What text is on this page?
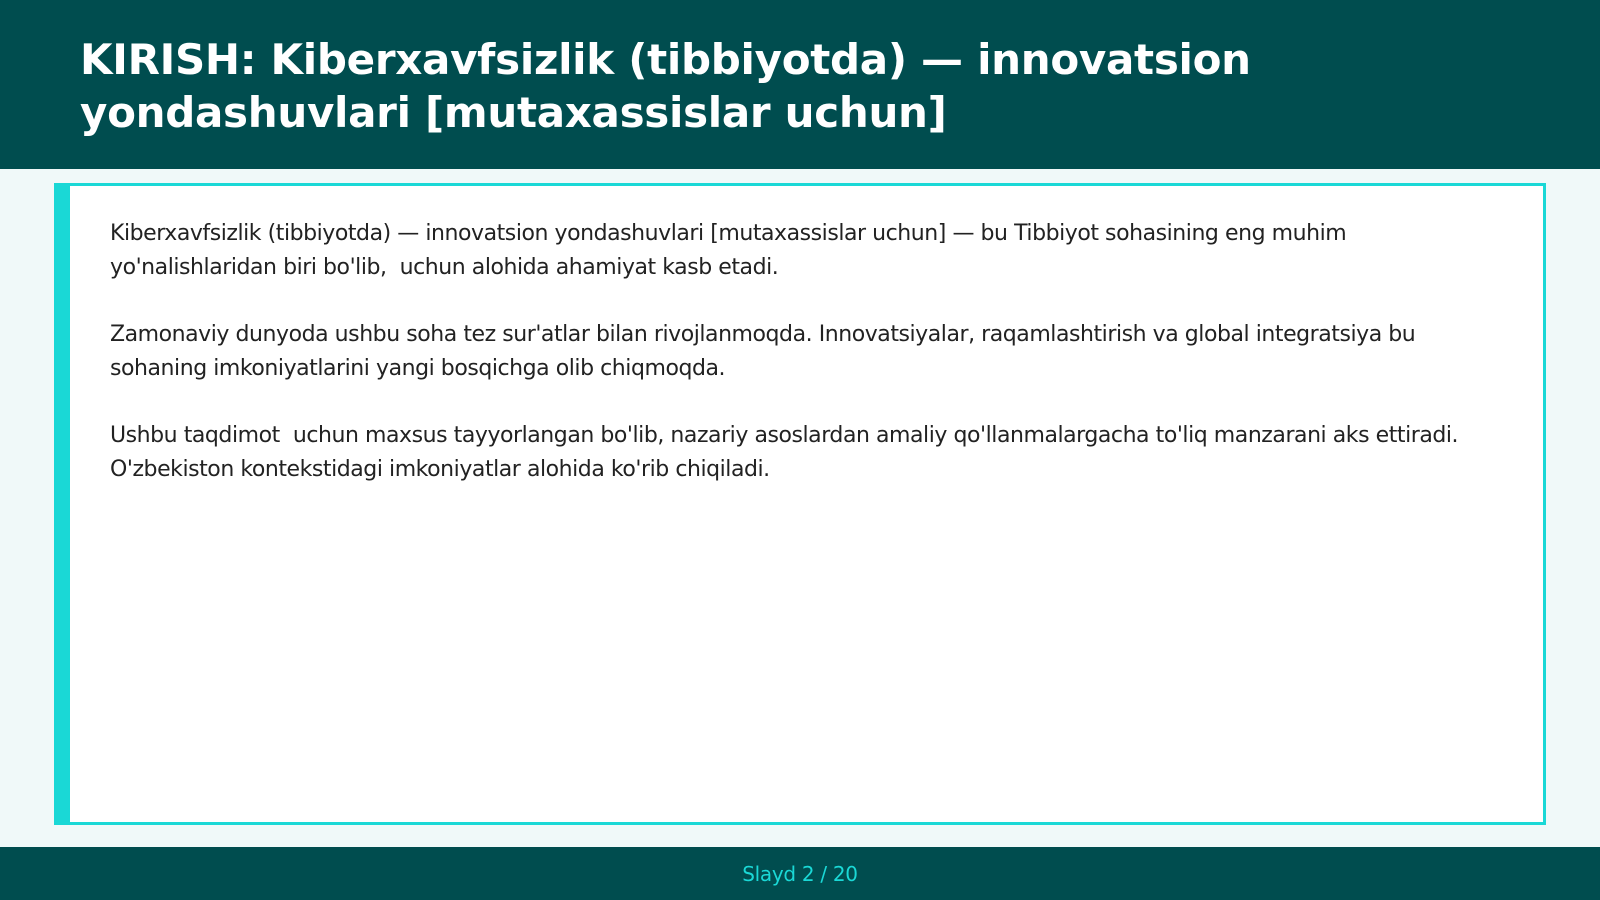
KIRISH: Kiberxavfsizlik (tibbiyotda) — innovatsion yondashuvlari [mutaxassislar uchun]

Kiberxavfsizlik (tibbiyotda) — innovatsion yondashuvlari [mutaxassislar uchun] — bu Tibbiyot sohasining eng muhim yo'nalishlaridan biri bo'lib,  uchun alohida ahamiyat kasb etadi.

Zamonaviy dunyoda ushbu soha tez sur'atlar bilan rivojlanmoqda. Innovatsiyalar, raqamlashtirish va global integratsiya bu sohaning imkoniyatlarini yangi bosqichga olib chiqmoqda.

Ushbu taqdimot  uchun maxsus tayyorlangan bo'lib, nazariy asoslardan amaliy qo'llanmalargacha to'liq manzarani aks ettiradi. O'zbekiston kontekstidagi imkoniyatlar alohida ko'rib chiqiladi.

Slayd 2 / 20
